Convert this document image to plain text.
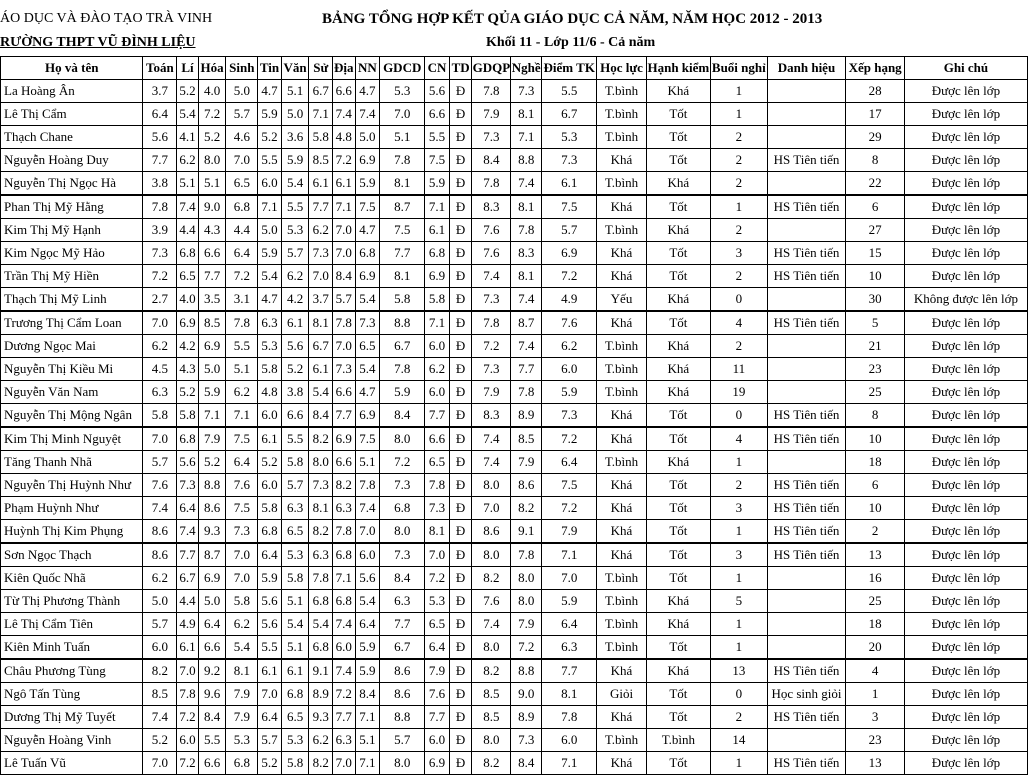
ÁO DỤC VÀ ĐÀO TẠO TRÀ VINH
RƯỜNG THPT VŨ ĐÌNH LIỆU
BẢNG TỔNG HỢP KẾT QỦA GIÁO DỤC CẢ NĂM, NĂM HỌC 2012 - 2013
Khối 11 - Lớp 11/6 - Cả năm
Họ và tên	Toán	Lí	Hóa	Sinh	Tin	Văn	Sử	Địa	NN	GDCD	CN	TD	GDQP	Nghề	Điểm TK	Học lực	Hạnh kiểm	Buổi nghỉ	Danh hiệu	Xếp hạng	Ghi chú
La Hoàng Ân	3.7	5.2	4.0	5.0	4.7	5.1	6.7	6.6	4.7	5.3	5.6	Đ	7.8	7.3	5.5	T.bình	Khá	1		28	Được lên lớp
Lê Thị Cẩm	6.4	5.4	7.2	5.7	5.9	5.0	7.1	7.4	7.4	7.0	6.6	Đ	7.9	8.1	6.7	T.bình	Tốt	1		17	Được lên lớp
Thạch Chane	5.6	4.1	5.2	4.6	5.2	3.6	5.8	4.8	5.0	5.1	5.5	Đ	7.3	7.1	5.3	T.bình	Tốt	2		29	Được lên lớp
Nguyễn Hoàng Duy	7.7	6.2	8.0	7.0	5.5	5.9	8.5	7.2	6.9	7.8	7.5	Đ	8.4	8.8	7.3	Khá	Tốt	2	HS Tiên tiến	8	Được lên lớp
Nguyễn Thị Ngọc Hà	3.8	5.1	5.1	6.5	6.0	5.4	6.1	6.1	5.9	8.1	5.9	Đ	7.8	7.4	6.1	T.bình	Khá	2		22	Được lên lớp
Phan Thị Mỹ Hằng	7.8	7.4	9.0	6.8	7.1	5.5	7.7	7.1	7.5	8.7	7.1	Đ	8.3	8.1	7.5	Khá	Tốt	1	HS Tiên tiến	6	Được lên lớp
Kim Thị Mỹ Hạnh	3.9	4.4	4.3	4.4	5.0	5.3	6.2	7.0	4.7	7.5	6.1	Đ	7.6	7.8	5.7	T.bình	Khá	2		27	Được lên lớp
Kim Ngọc Mỹ Hảo	7.3	6.8	6.6	6.4	5.9	5.7	7.3	7.0	6.8	7.7	6.8	Đ	7.6	8.3	6.9	Khá	Tốt	3	HS Tiên tiến	15	Được lên lớp
Trần Thị Mỹ Hiền	7.2	6.5	7.7	7.2	5.4	6.2	7.0	8.4	6.9	8.1	6.9	Đ	7.4	8.1	7.2	Khá	Tốt	2	HS Tiên tiến	10	Được lên lớp
Thạch Thị Mỹ Linh	2.7	4.0	3.5	3.1	4.7	4.2	3.7	5.7	5.4	5.8	5.8	Đ	7.3	7.4	4.9	Yếu	Khá	0		30	Không được lên lớp
Trương Thị Cẩm Loan	7.0	6.9	8.5	7.8	6.3	6.1	8.1	7.8	7.3	8.8	7.1	Đ	7.8	8.7	7.6	Khá	Tốt	4	HS Tiên tiến	5	Được lên lớp
Dương Ngọc Mai	6.2	4.2	6.9	5.5	5.3	5.6	6.7	7.0	6.5	6.7	6.0	Đ	7.2	7.4	6.2	T.bình	Khá	2		21	Được lên lớp
Nguyễn Thị Kiều Mi	4.5	4.3	5.0	5.1	5.8	5.2	6.1	7.3	5.4	7.8	6.2	Đ	7.3	7.7	6.0	T.bình	Khá	11		23	Được lên lớp
Nguyễn Văn Nam	6.3	5.2	5.9	6.2	4.8	3.8	5.4	6.6	4.7	5.9	6.0	Đ	7.9	7.8	5.9	T.bình	Khá	19		25	Được lên lớp
Nguyễn Thị Mộng Ngân	5.8	5.8	7.1	7.1	6.0	6.6	8.4	7.7	6.9	8.4	7.7	Đ	8.3	8.9	7.3	Khá	Tốt	0	HS Tiên tiến	8	Được lên lớp
Kim Thị Minh Nguyệt	7.0	6.8	7.9	7.5	6.1	5.5	8.2	6.9	7.5	8.0	6.6	Đ	7.4	8.5	7.2	Khá	Tốt	4	HS Tiên tiến	10	Được lên lớp
Tăng Thanh Nhã	5.7	5.6	5.2	6.4	5.2	5.8	8.0	6.6	5.1	7.2	6.5	Đ	7.4	7.9	6.4	T.bình	Khá	1		18	Được lên lớp
Nguyễn Thị Huỳnh Như	7.6	7.3	8.8	7.6	6.0	5.7	7.3	8.2	7.8	7.3	7.8	Đ	8.0	8.6	7.5	Khá	Tốt	2	HS Tiên tiến	6	Được lên lớp
Phạm Huỳnh Như	7.4	6.4	8.6	7.5	5.8	6.3	8.1	6.3	7.4	6.8	7.3	Đ	7.0	8.2	7.2	Khá	Tốt	3	HS Tiên tiến	10	Được lên lớp
Huỳnh Thị Kim Phụng	8.6	7.4	9.3	7.3	6.8	6.5	8.2	7.8	7.0	8.0	8.1	Đ	8.6	9.1	7.9	Khá	Tốt	1	HS Tiên tiến	2	Được lên lớp
Sơn Ngọc Thạch	8.6	7.7	8.7	7.0	6.4	5.3	6.3	6.8	6.0	7.3	7.0	Đ	8.0	7.8	7.1	Khá	Tốt	3	HS Tiên tiến	13	Được lên lớp
Kiên Quốc Nhã	6.2	6.7	6.9	7.0	5.9	5.8	7.8	7.1	5.6	8.4	7.2	Đ	8.2	8.0	7.0	T.bình	Tốt	1		16	Được lên lớp
Từ Thị Phương Thành	5.0	4.4	5.0	5.8	5.6	5.1	6.8	6.8	5.4	6.3	5.3	Đ	7.6	8.0	5.9	T.bình	Khá	5		25	Được lên lớp
Lê Thị Cẩm Tiên	5.7	4.9	6.4	6.2	5.6	5.4	5.4	7.4	6.4	7.7	6.5	Đ	7.4	7.9	6.4	T.bình	Khá	1		18	Được lên lớp
Kiên Minh Tuấn	6.0	6.1	6.6	5.4	5.5	5.1	6.8	6.0	5.9	6.7	6.4	Đ	8.0	7.2	6.3	T.bình	Tốt	1		20	Được lên lớp
Châu Phương Tùng	8.2	7.0	9.2	8.1	6.1	6.1	9.1	7.4	5.9	8.6	7.9	Đ	8.2	8.8	7.7	Khá	Khá	13	HS Tiên tiến	4	Được lên lớp
Ngô Tấn Tùng	8.5	7.8	9.6	7.9	7.0	6.8	8.9	7.2	8.4	8.6	7.6	Đ	8.5	9.0	8.1	Giỏi	Tốt	0	Học sinh giỏi	1	Được lên lớp
Dương Thị Mỹ Tuyết	7.4	7.2	8.4	7.9	6.4	6.5	9.3	7.7	7.1	8.8	7.7	Đ	8.5	8.9	7.8	Khá	Tốt	2	HS Tiên tiến	3	Được lên lớp
Nguyễn Hoàng Vinh	5.2	6.0	5.5	5.3	5.7	5.3	6.2	6.3	5.1	5.7	6.0	Đ	8.0	7.3	6.0	T.bình	T.bình	14		23	Được lên lớp
Lê Tuấn Vũ	7.0	7.2	6.6	6.8	5.2	5.8	8.2	7.0	7.1	8.0	6.9	Đ	8.2	8.4	7.1	Khá	Tốt	1	HS Tiên tiến	13	Được lên lớp
